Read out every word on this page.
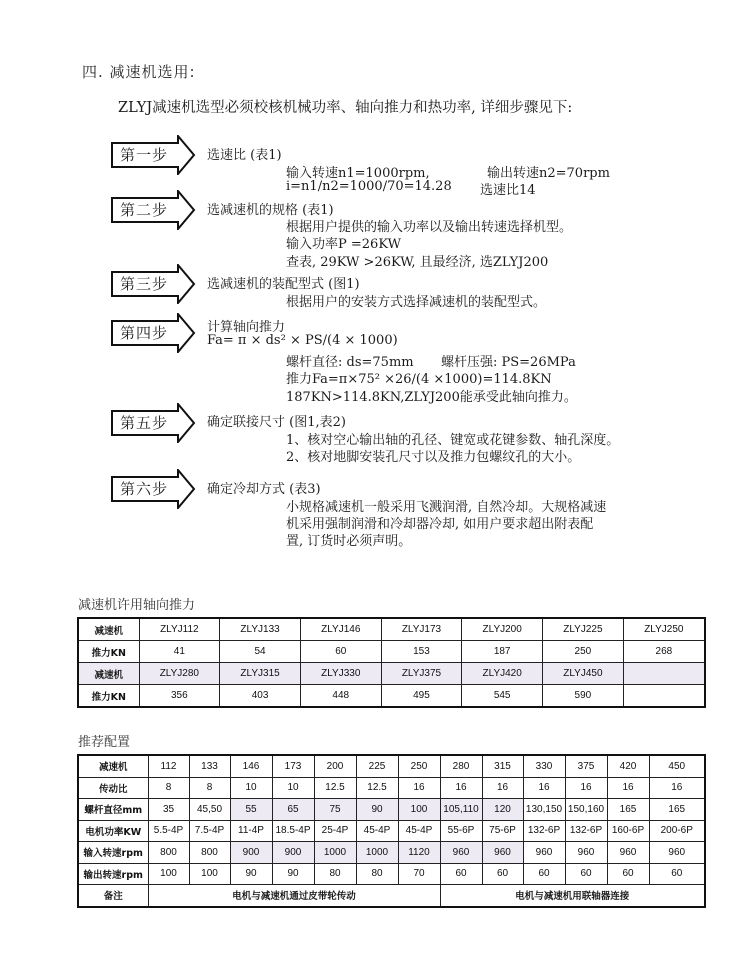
四. 减速机选用:
ZLYJ减速机选型必须校核机械功率、轴向推力和热功率, 详细步骤见下:
第一步	选速比 (表1)
输入转速n1=1000rpm,	输出转速n2=70rpm
i=n1/n2=1000/70=14.28 选速比14
第二步	选减速机的规格 (表1)
根据用户提供的输入功率以及输出转速选择机型。
输入功率P =26KW
查表, 29KW >26KW, 且最经济, 选ZLYJ200
第三步	选减速机的装配型式 (图1)
根据用户的安装方式选择减速机的装配型式。
第四步	计算轴向推力
Fa= π × ds² × PS/(4 × 1000)
螺杆直径: ds=75mm 螺杆压强: PS=26MPa
推力Fa=π×75² ×26/(4 ×1000)=114.8KN
187KN>114.8KN,ZLYJ200能承受此轴向推力。
第五步	确定联接尺寸 (图1,表2)
1、核对空心输出轴的孔径、键宽或花键参数、轴孔深度。
2、核对地脚安装孔尺寸以及推力包螺纹孔的大小。
第六步	确定冷却方式 (表3)
小规格减速机一般采用飞溅润滑, 自然冷却。大规格减速
机采用强制润滑和冷却器冷却, 如用户要求超出附表配
置, 订货时必须声明。
减速机许用轴向推力
减速机	ZLYJ112	ZLYJ133	ZLYJ146	ZLYJ173	ZLYJ200	ZLYJ225	ZLYJ250
推力KN	41	54	60	153	187	250	268
减速机	ZLYJ280	ZLYJ315	ZLYJ330	ZLYJ375	ZLYJ420	ZLYJ450	
推力KN	356	403	448	495	545	590	
推荐配置
减速机	112	133	146	173	200	225	250	280	315	330	375	420	450
传动比	8	8	10	10	12.5	12.5	16	16	16	16	16	16	16
螺杆直径mm	35	45,50	55	65	75	90	100	105,110	120	130,150	150,160	165	165
电机功率KW	5.5-4P	7.5-4P	11-4P	18.5-4P	25-4P	45-4P	45-4P	55-6P	75-6P	132-6P	132-6P	160-6P	200-6P
输入转速rpm	800	800	900	900	1000	1000	1120	960	960	960	960	960	960
输出转速rpm	100	100	90	90	80	80	70	60	60	60	60	60	60
备注	电机与减速机通过皮带轮传动							电机与减速机用联轴器连接					
